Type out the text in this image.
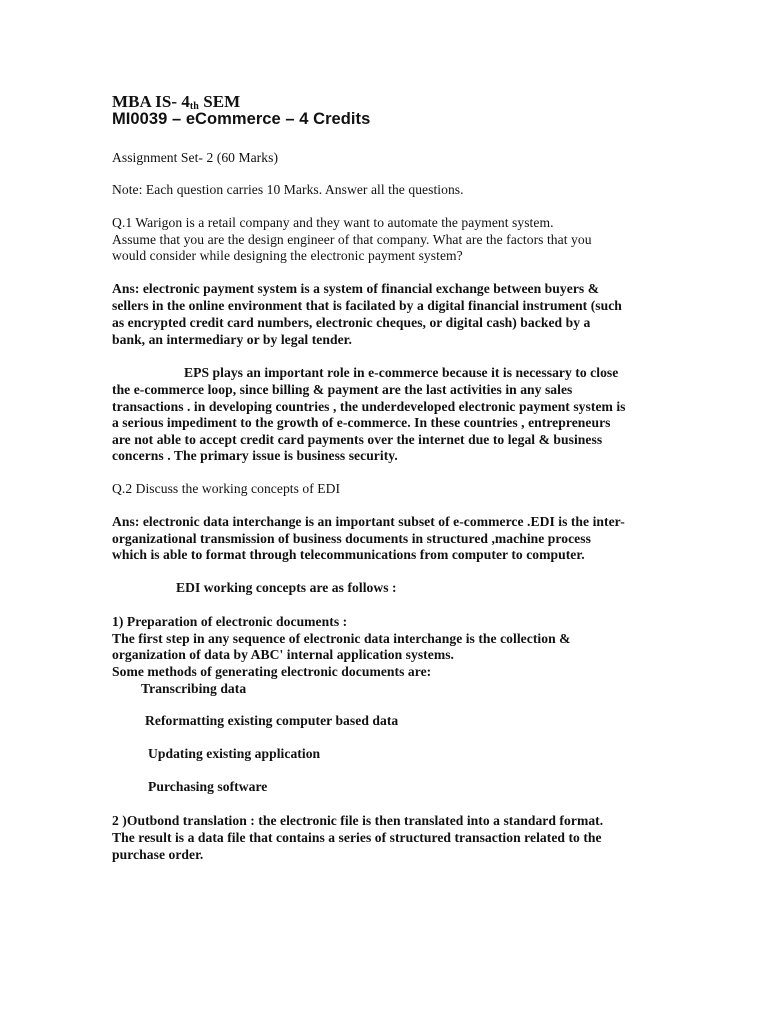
MBA IS- $4_{th}$ SEM
MI0039 – eCommerce – 4 Credits
Assignment Set- 2 (60 Marks)
Note: Each question carries 10 Marks. Answer all the questions.
Q.1 Warigon is a retail company and they want to automate the payment system.
Assume that you are the design engineer of that company. What are the factors that you
would consider while designing the electronic payment system?
Ans: electronic payment system is a system of financial exchange between buyers &
sellers in the online environment that is facilated by a digital financial instrument (such
as encrypted credit card numbers, electronic cheques, or digital cash) backed by a
bank, an intermediary or by legal tender.
EPS plays an important role in e-commerce because it is necessary to close
the e-commerce loop, since billing & payment are the last activities in any sales
transactions . in developing countries , the underdeveloped electronic payment system is
a serious impediment to the growth of e-commerce. In these countries , entrepreneurs
are not able to accept credit card payments over the internet due to legal & business
concerns . The primary issue is business security.
Q.2 Discuss the working concepts of EDI
Ans: electronic data interchange is an important subset of e-commerce .EDI is the inter-
organizational transmission of business documents in structured ,machine process
which is able to format through telecommunications from computer to computer.
EDI working concepts are as follows :
1) Preparation of electronic documents :
The first step in any sequence of electronic data interchange is the collection &
organization of data by ABC' internal application systems.
Some methods of generating electronic documents are:
Transcribing data
Reformatting existing computer based data
Updating existing application
Purchasing software
2 )Outbond translation : the electronic file is then translated into a standard format.
The result is a data file that contains a series of structured transaction related to the
purchase order.
